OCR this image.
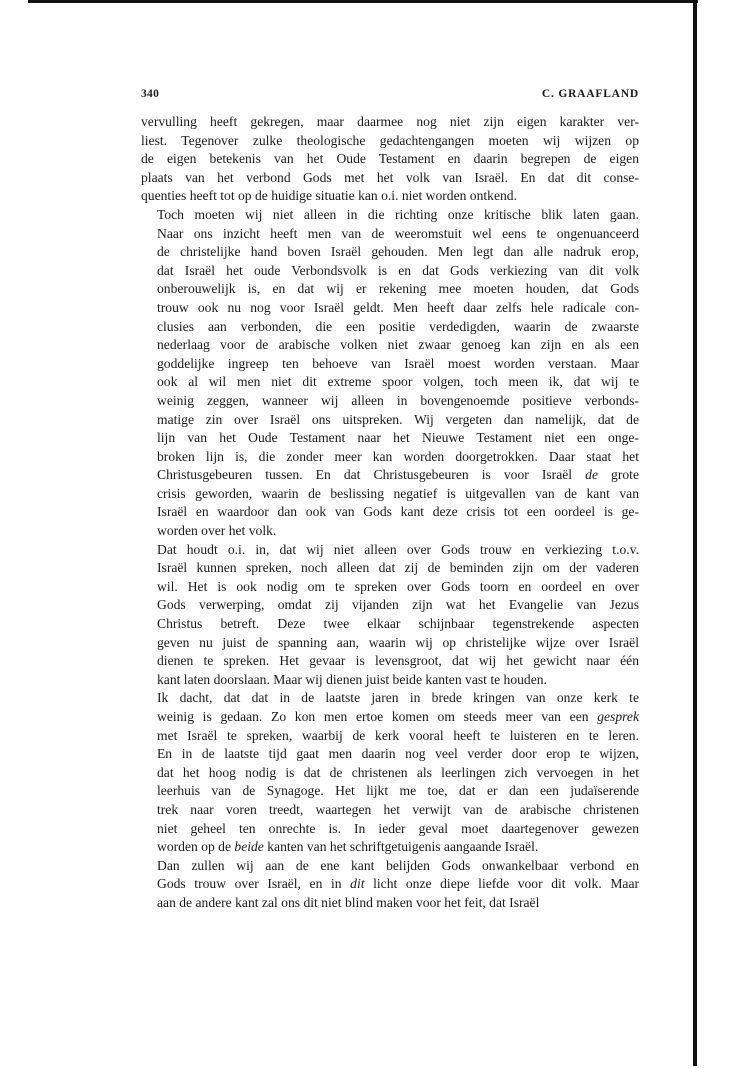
340	C. GRAAFLAND

vervulling heeft gekregen, maar daarmee nog niet zijn eigen karakter ver-
liest. Tegenover zulke theologische gedachtengangen moeten wij wijzen op
de eigen betekenis van het Oude Testament en daarin begrepen de eigen
plaats van het verbond Gods met het volk van Israël. En dat dit conse-
quenties heeft tot op de huidige situatie kan o.i. niet worden ontkend.

Toch moeten wij niet alleen in die richting onze kritische blik laten gaan.
Naar ons inzicht heeft men van de weeromstuit wel eens te ongenuanceerd
de christelijke hand boven Israël gehouden. Men legt dan alle nadruk erop,
dat Israël het oude Verbondsvolk is en dat Gods verkiezing van dit volk
onberouwelijk is, en dat wij er rekening mee moeten houden, dat Gods
trouw ook nu nog voor Israël geldt. Men heeft daar zelfs hele radicale con-
clusies aan verbonden, die een positie verdedigden, waarin de zwaarste
nederlaag voor de arabische volken niet zwaar genoeg kan zijn en als een
goddelijke ingreep ten behoeve van Israël moest worden verstaan. Maar
ook al wil men niet dit extreme spoor volgen, toch meen ik, dat wij te
weinig zeggen, wanneer wij alleen in bovengenoemde positieve verbonds-
matige zin over Israël ons uitspreken. Wij vergeten dan namelijk, dat de
lijn van het Oude Testament naar het Nieuwe Testament niet een onge-
broken lijn is, die zonder meer kan worden doorgetrokken. Daar staat het
Christusgebeuren tussen. En dat Christusgebeuren is voor Israël de grote
crisis geworden, waarin de beslissing negatief is uitgevallen van de kant van
Israël en waardoor dan ook van Gods kant deze crisis tot een oordeel is ge-
worden over het volk.

Dat houdt o.i. in, dat wij niet alleen over Gods trouw en verkiezing t.o.v.
Israël kunnen spreken, noch alleen dat zij de beminden zijn om der vaderen
wil. Het is ook nodig om te spreken over Gods toorn en oordeel en over
Gods verwerping, omdat zij vijanden zijn wat het Evangelie van Jezus
Christus betreft. Deze twee elkaar schijnbaar tegenstrekende aspecten
geven nu juist de spanning aan, waarin wij op christelijke wijze over Israël
dienen te spreken. Het gevaar is levensgroot, dat wij het gewicht naar één
kant laten doorslaan. Maar wij dienen juist beide kanten vast te houden.

Ik dacht, dat dat in de laatste jaren in brede kringen van onze kerk te
weinig is gedaan. Zo kon men ertoe komen om steeds meer van een gesprek
met Israël te spreken, waarbij de kerk vooral heeft te luisteren en te leren.
En in de laatste tijd gaat men daarin nog veel verder door erop te wijzen,
dat het hoog nodig is dat de christenen als leerlingen zich vervoegen in het
leerhuis van de Synagoge. Het lijkt me toe, dat er dan een judaïserende
trek naar voren treedt, waartegen het verwijt van de arabische christenen
niet geheel ten onrechte is. In ieder geval moet daartegenover gewezen
worden op de beide kanten van het schriftgetuigenis aangaande Israël.

Dan zullen wij aan de ene kant belijden Gods onwankelbaar verbond en
Gods trouw over Israël, en in dit licht onze diepe liefde voor dit volk. Maar
aan de andere kant zal ons dit niet blind maken voor het feit, dat Israël
